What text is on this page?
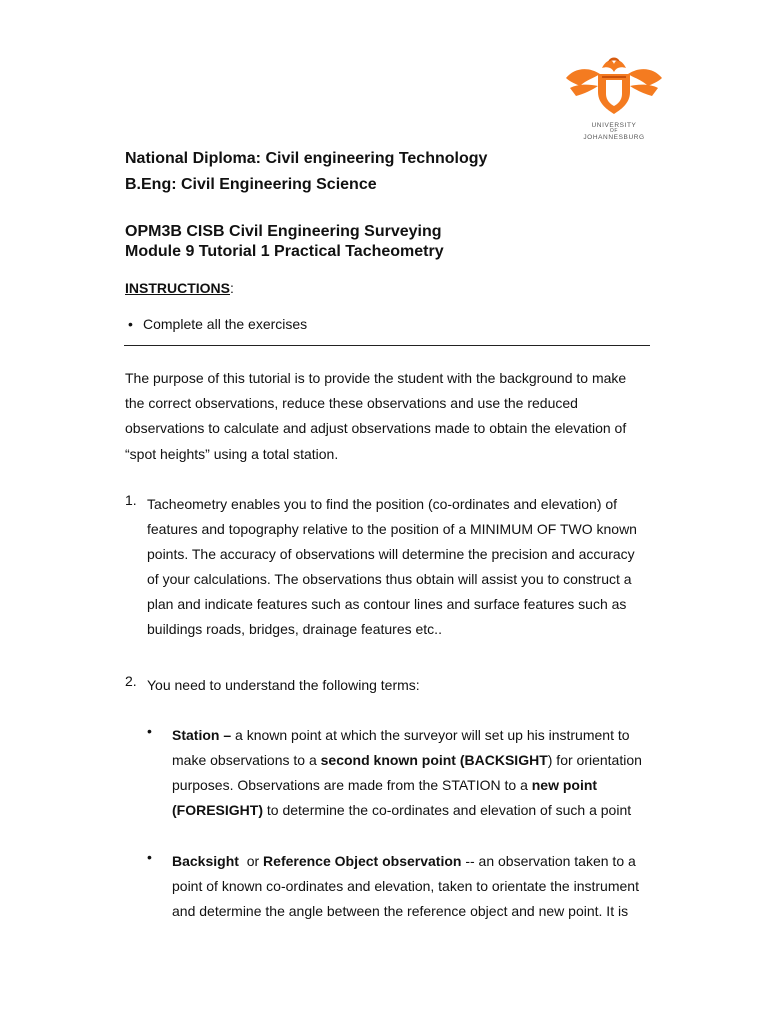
UNIVERSITY
OF
JOHANNESBURG
National Diploma: Civil engineering Technology
B.Eng: Civil Engineering Science
OPM3B CISB Civil Engineering Surveying
Module 9 Tutorial 1 Practical Tacheometry
INSTRUCTIONS:
• Complete all the exercises
The purpose of this tutorial is to provide the student with the background to make
the correct observations, reduce these observations and use the reduced
observations to calculate and adjust observations made to obtain the elevation of
“spot heights” using a total station.
1. Tacheometry enables you to find the position (co-ordinates and elevation) of
features and topography relative to the position of a MINIMUM OF TWO known
points. The accuracy of observations will determine the precision and accuracy
of your calculations. The observations thus obtain will assist you to construct a
plan and indicate features such as contour lines and surface features such as
buildings roads, bridges, drainage features etc..
2. You need to understand the following terms:
• Station – a known point at which the surveyor will set up his instrument to
make observations to a second known point (BACKSIGHT) for orientation
purposes. Observations are made from the STATION to a new point
(FORESIGHT) to determine the co-ordinates and elevation of such a point
• Backsight  or Reference Object observation -- an observation taken to a
point of known co-ordinates and elevation, taken to orientate the instrument
and determine the angle between the reference object and new point. It is
